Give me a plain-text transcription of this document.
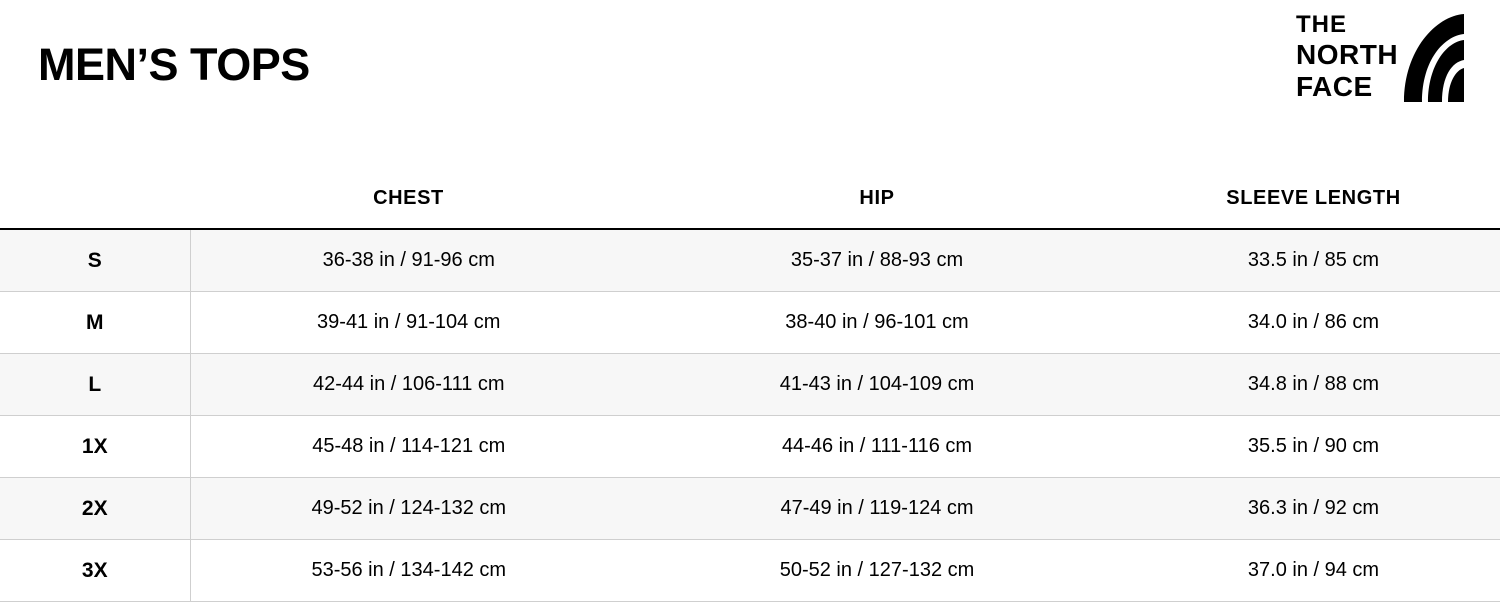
MEN’S TOPS
THE
NORTH
FACE
	CHEST	HIP	SLEEVE LENGTH
S	36-38 in / 91-96 cm	35-37 in / 88-93 cm	33.5 in / 85 cm
M	39-41 in / 91-104 cm	38-40 in / 96-101 cm	34.0 in / 86 cm
L	42-44 in / 106-111 cm	41-43 in / 104-109 cm	34.8 in / 88 cm
1X	45-48 in / 114-121 cm	44-46 in / 111-116 cm	35.5 in / 90 cm
2X	49-52 in / 124-132 cm	47-49 in / 119-124 cm	36.3 in / 92 cm
3X	53-56 in / 134-142 cm	50-52 in / 127-132 cm	37.0 in / 94 cm
